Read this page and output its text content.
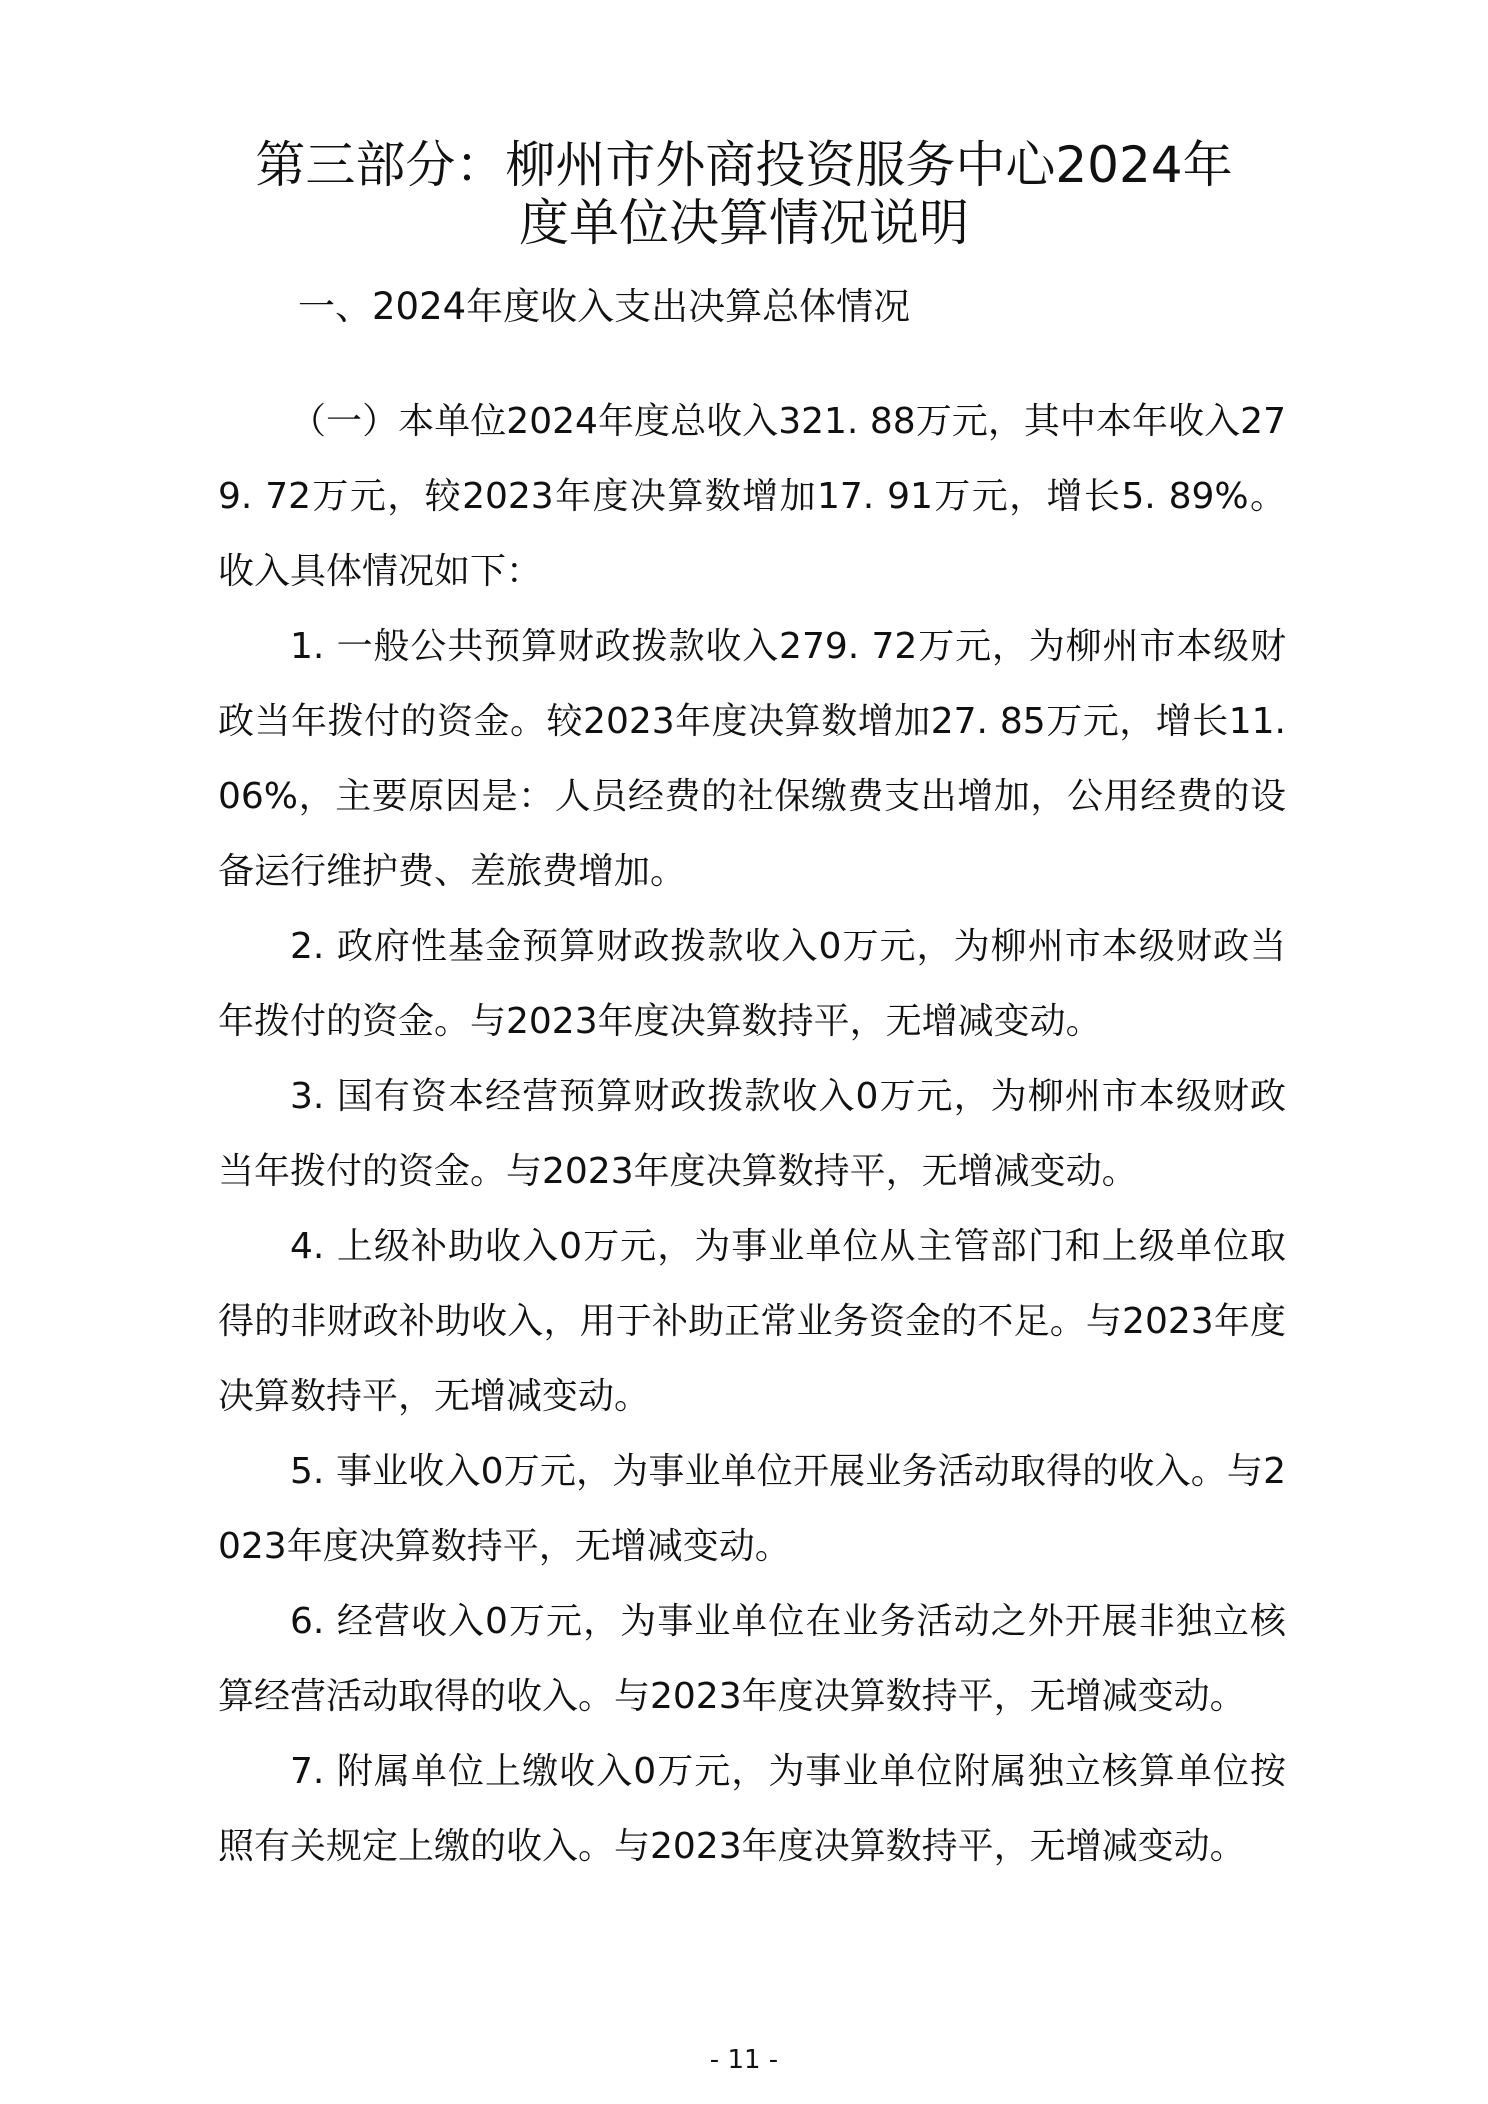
第三部分：柳州市外商投资服务中心2024年
度单位决算情况说明
一、2024年度收入支出决算总体情况

（一）本单位2024年度总收入321. 88万元，其中本年收入279. 72万元，较2023年度决算数增加17. 91万元，增长5. 89%。收入具体情况如下：

1. 一般公共预算财政拨款收入279. 72万元，为柳州市本级财政当年拨付的资金。较2023年度决算数增加27. 85万元，增长11. 06%，主要原因是：人员经费的社保缴费支出增加，公用经费的设备运行维护费、差旅费增加。

2. 政府性基金预算财政拨款收入0万元，为柳州市本级财政当年拨付的资金。与2023年度决算数持平，无增减变动。

3. 国有资本经营预算财政拨款收入0万元，为柳州市本级财政当年拨付的资金。与2023年度决算数持平，无增减变动。

4. 上级补助收入0万元，为事业单位从主管部门和上级单位取得的非财政补助收入，用于补助正常业务资金的不足。与2023年度决算数持平，无增减变动。

5. 事业收入0万元，为事业单位开展业务活动取得的收入。与2023年度决算数持平，无增减变动。

6. 经营收入0万元，为事业单位在业务活动之外开展非独立核算经营活动取得的收入。与2023年度决算数持平，无增减变动。

7. 附属单位上缴收入0万元，为事业单位附属独立核算单位按照有关规定上缴的收入。与2023年度决算数持平，无增减变动。

- 11 -
